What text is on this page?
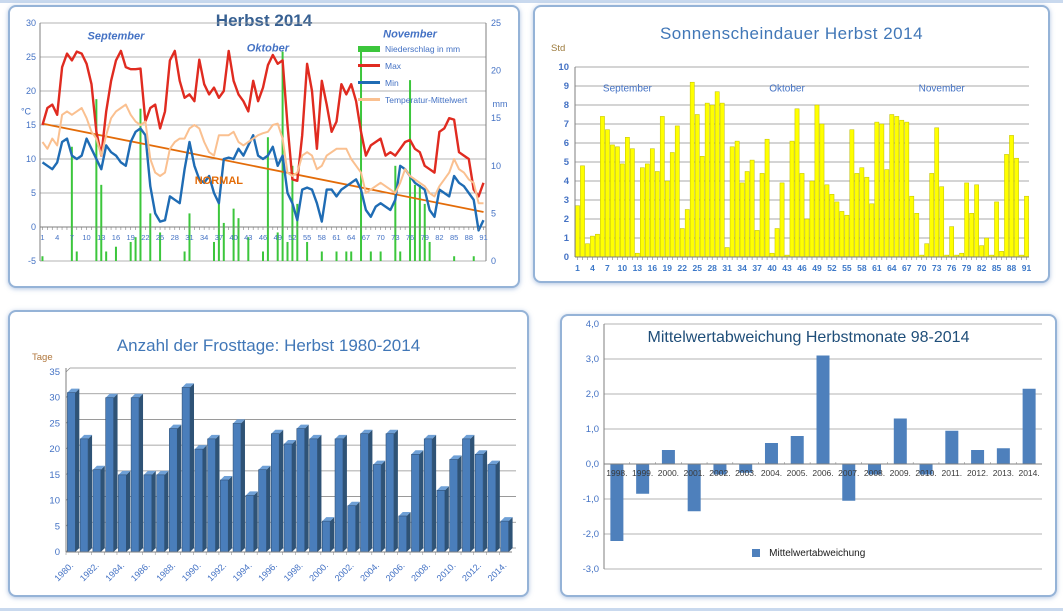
Herbst 2014
-5
0
5
10
15
20
25
30
0
5
10
15
20
25
°C
mm
1 4 7 10 13 16 19 22 25 28 31 34 37 40 43 46 49 52 55 58 61 64 67 70 73 76 79 82 85 88 91
September
Oktober
November
NORMAL
Niederschlag in mm
Max
Min
Temperatur-Mittelwert
Sonnenscheindauer Herbst 2014
0
1
2
3
4
5
6
7
8
9
10
Std
1 4 7 10 13 16 19 22 25 28 31 34 37 40 43 46 49 52 55 58 61 64 67 70 73 76 79 82 85 88 91
September	Oktober	November
Anzahl der Frosttage: Herbst 1980-2014
0
5
10
15
20
25
30
35
Tage
1980. 1982. 1984. 1986. 1988. 1990. 1992. 1994. 1996. 1998. 2000. 2002. 2004. 2006. 2008. 2010. 2012. 2014.
Mittelwertabweichung Herbstmonate 98-2014
4,0
3,0
2,0
1,0
0,0
-1,0
-2,0
-3,0
1998. 1999. 2000. 2001. 2002. 2003. 2004. 2005. 2006. 2007. 2008. 2009. 2010. 2011. 2012. 2013. 2014.
Mittelwertabweichung
